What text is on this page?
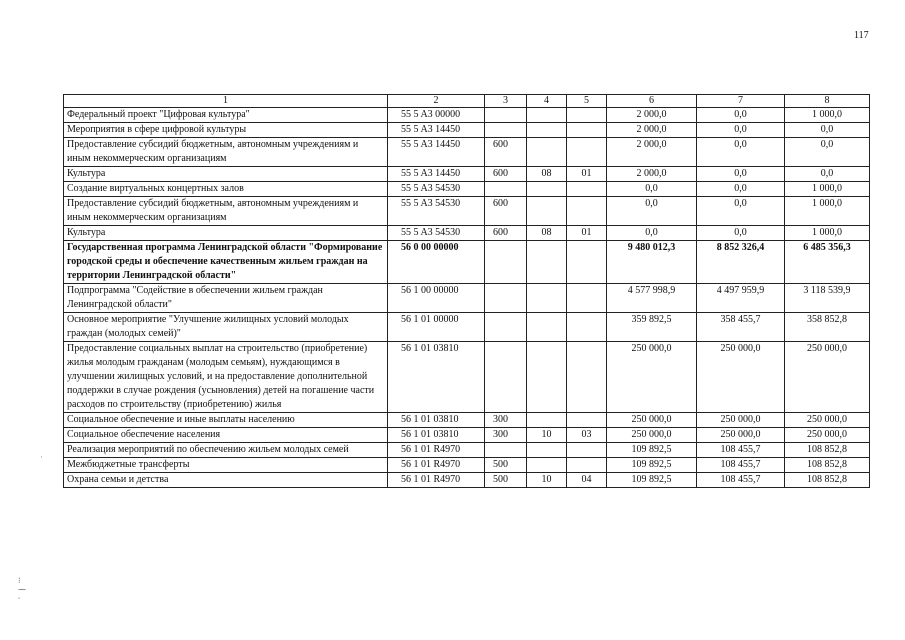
117
1	2	3	4	5	6	7	8
Федеральный проект "Цифровая культура"	55 5 A3 00000				2 000,0	0,0	1 000,0
Мероприятия в сфере цифровой культуры	55 5 A3 14450				2 000,0	0,0	0,0
Предоставление субсидий бюджетным, автономным учреждениям и иным некоммерческим организациям	55 5 A3 14450	600			2 000,0	0,0	0,0
Культура	55 5 A3 14450	600	08	01	2 000,0	0,0	0,0
Создание виртуальных концертных залов	55 5 A3 54530				0,0	0,0	1 000,0
Предоставление субсидий бюджетным, автономным учреждениям и иным некоммерческим организациям	55 5 A3 54530	600			0,0	0,0	1 000,0
Культура	55 5 A3 54530	600	08	01	0,0	0,0	1 000,0
Государственная программа Ленинградской области "Формирование городской среды и обеспечение качественным жильем граждан на территории Ленинградской области"	56 0 00 00000				9 480 012,3	8 852 326,4	6 485 356,3
Подпрограмма "Содействие в обеспечении жильем граждан Ленинградской области"	56 1 00 00000				4 577 998,9	4 497 959,9	3 118 539,9
Основное мероприятие "Улучшение жилищных условий молодых граждан (молодых семей)"	56 1 01 00000				359 892,5	358 455,7	358 852,8
Предоставление социальных выплат на строительство (приобретение) жилья молодым гражданам (молодым семьям), нуждающимся в улучшении жилищных условий, и на предоставление дополнительной поддержки в случае рождения (усыновления) детей на погашение части расходов по строительству (приобретению) жилья	56 1 01 03810				250 000,0	250 000,0	250 000,0
Социальное обеспечение и иные выплаты населению	56 1 01 03810	300			250 000,0	250 000,0	250 000,0
Социальное обеспечение населения	56 1 01 03810	300	10	03	250 000,0	250 000,0	250 000,0
Реализация мероприятий по обеспечению жильем молодых семей	56 1 01 R4970				109 892,5	108 455,7	108 852,8
Межбюджетные трансферты	56 1 01 R4970	500			109 892,5	108 455,7	108 852,8
Охрана семьи и детства	56 1 01 R4970	500	10	04	109 892,5	108 455,7	108 852,8
·
⁝
⁓
⸱
